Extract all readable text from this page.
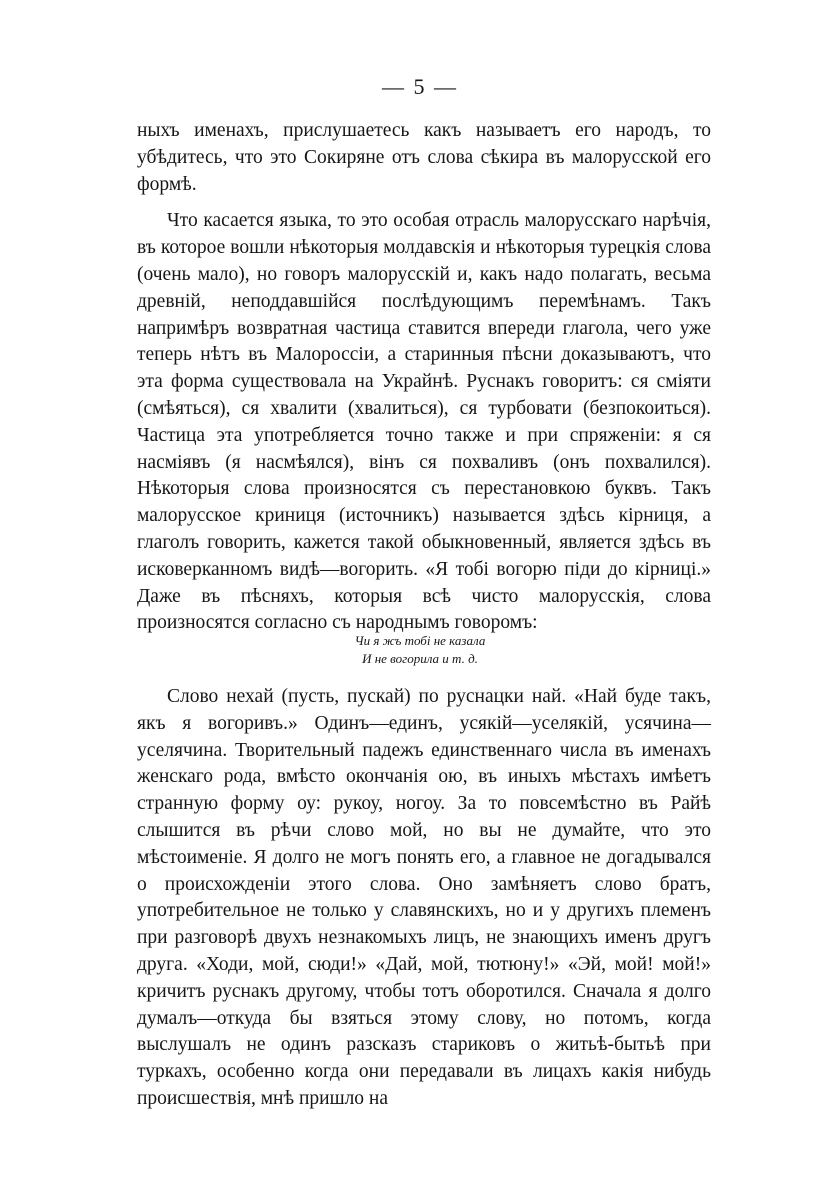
— 5 —

ныхъ именахъ, прислушаетесь какъ называетъ его народъ, то убѣдитесь, что это Сокиряне отъ слова сѣкира въ малорусской его формѣ.

Что касается языка, то это особая отрасль малорусскаго нарѣчія, въ которое вошли нѣкоторыя молдавскія и нѣкоторыя турецкія слова (очень мало), но говоръ малорусскій и, какъ надо полагать, весьма древній, неподдавшійся послѣдующимъ перемѣнамъ. Такъ напримѣръ возвратная частица ставится впереди глагола, чего уже теперь нѣтъ въ Малороссіи, а старинныя пѣсни доказываютъ, что эта форма существовала на Украйнѣ. Руснакъ говоритъ: ся смiяти (смѣяться), ся хвалити (хвалиться), ся турбовати (безпокоиться). Частица эта употребляется точно также и при спряженiи: я ся насмiявъ (я насмѣялся), вiнъ ся похваливъ (онъ похвалился). Нѣкоторыя слова произносятся съ перестановкою буквъ. Такъ малорусское криниця (источникъ) называется здѣсь кiрниця, а глаголъ говорить, кажется такой обыкновенный, является здѣсь въ исковерканномъ видѣ—вогорить. «Я тобi вогорю пiди до кiрницi.» Даже въ пѣсняхъ, которыя всѣ чисто малорусскія, слова произносятся согласно съ народнымъ говоромъ:

Чи я жъ тобi не казала
И не вогорила и т. д.

Слово нехай (пусть, пускай) по руснацки най. «Най буде такъ, якъ я вогоривъ.» Одинъ—единъ, усякiй—уселякiй, усячина—уселячина. Творительный падежъ единственнаго числа въ именахъ женскаго рода, вмѣсто окончанія ою, въ иныхъ мѣстахъ имѣетъ странную форму оу: рукоу, ногоу. За то повсемѣстно въ Райѣ слышится въ рѣчи слово мой, но вы не думайте, что это мѣстоименіе. Я долго не могъ понять его, а главное не догадывался о происхожденіи этого слова. Оно замѣняетъ слово братъ, употребительное не только у славянскихъ, но и у другихъ племенъ при разговорѣ двухъ незнакомыхъ лицъ, не знающихъ именъ другъ друга. «Ходи, мой, сюди!» «Дай, мой, тютюну!» «Эй, мой! мой!» кричитъ руснакъ другому, чтобы тотъ оборотился. Сначала я долго думалъ—откуда бы взяться этому слову, но потомъ, когда выслушалъ не одинъ разсказъ стариковъ о житьѣ-бытьѣ при туркахъ, особенно когда они передавали въ лицахъ какія нибудь происшествія, мнѣ пришло на
